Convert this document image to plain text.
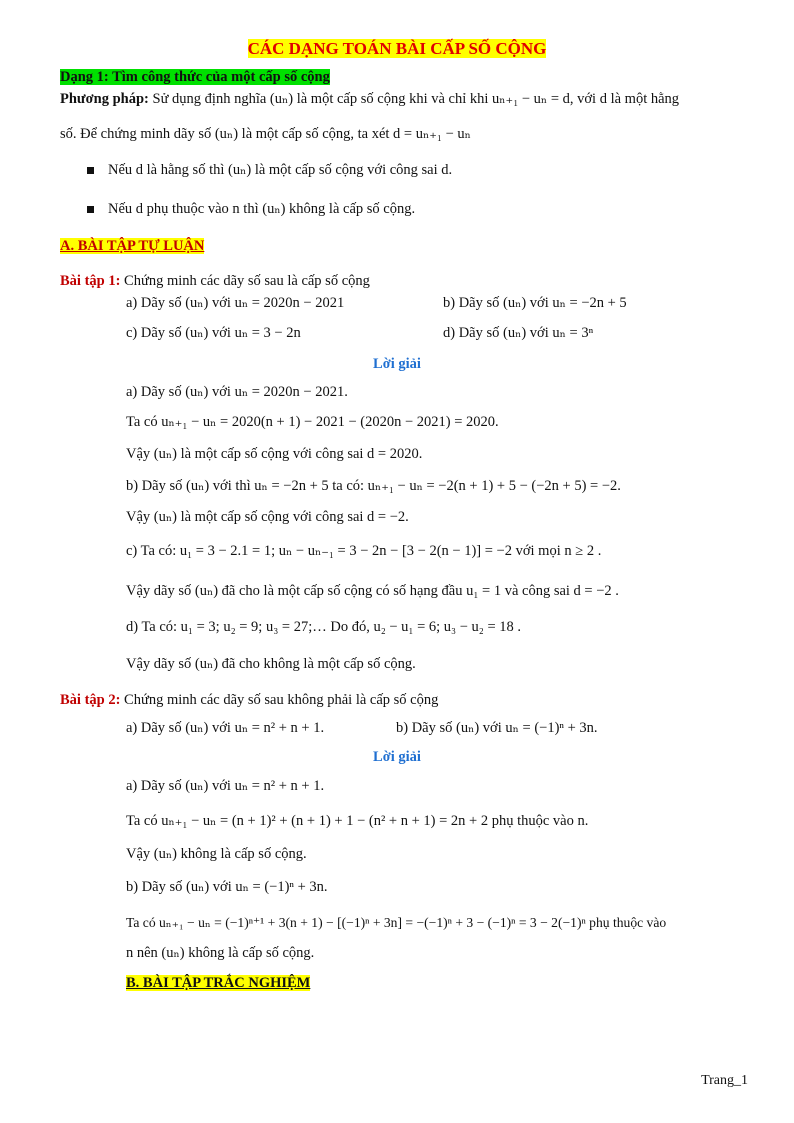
CÁC DẠNG TOÁN BÀI CẤP SỐ CỘNG
Dạng 1: Tìm công thức của một cấp số cộng
Phương pháp: Sử dụng định nghĩa (uₙ) là một cấp số cộng khi và chỉ khi uₙ₊₁ − uₙ = d, với d là một hằng
số. Để chứng minh dãy số (uₙ) là một cấp số cộng, ta xét d = uₙ₊₁ − uₙ
Nếu d là hằng số thì (uₙ) là một cấp số cộng với công sai d.
Nếu d phụ thuộc vào n thì (uₙ) không là cấp số cộng.
A. BÀI TẬP TỰ LUẬN
Bài tập 1: Chứng minh các dãy số sau là cấp số cộng
a) Dãy số (uₙ) với uₙ = 2020n − 2021	b) Dãy số (uₙ) với uₙ = −2n + 5
c) Dãy số (uₙ) với uₙ = 3 − 2n	d) Dãy số (uₙ) với uₙ = 3ⁿ
Lời giải
a) Dãy số (uₙ) với uₙ = 2020n − 2021.
Ta có uₙ₊₁ − uₙ = 2020(n + 1) − 2021 − (2020n − 2021) = 2020.
Vậy (uₙ) là một cấp số cộng với công sai d = 2020.
b) Dãy số (uₙ) với thì uₙ = −2n + 5 ta có: uₙ₊₁ − uₙ = −2(n + 1) + 5 − (−2n + 5) = −2.
Vậy (uₙ) là một cấp số cộng với công sai d = −2.
c) Ta có: u₁ = 3 − 2.1 = 1; uₙ − uₙ₋₁ = 3 − 2n − [3 − 2(n − 1)] = −2 với mọi n ≥ 2 .
Vậy dãy số (uₙ) đã cho là một cấp số cộng có số hạng đầu u₁ = 1 và công sai d = −2 .
d) Ta có: u₁ = 3; u₂ = 9; u₃ = 27;… Do đó, u₂ − u₁ = 6; u₃ − u₂ = 18 .
Vậy dãy số (uₙ) đã cho không là một cấp số cộng.
Bài tập 2: Chứng minh các dãy số sau không phải là cấp số cộng
a) Dãy số (uₙ) với uₙ = n² + n + 1.	b) Dãy số (uₙ) với uₙ = (−1)ⁿ + 3n.
Lời giải
a) Dãy số (uₙ) với uₙ = n² + n + 1.
Ta có uₙ₊₁ − uₙ = (n + 1)² + (n + 1) + 1 − (n² + n + 1) = 2n + 2 phụ thuộc vào n.
Vậy (uₙ) không là cấp số cộng.
b) Dãy số (uₙ) với uₙ = (−1)ⁿ + 3n.
Ta có uₙ₊₁ − uₙ = (−1)ⁿ⁺¹ + 3(n + 1) − [(−1)ⁿ + 3n] = −(−1)ⁿ + 3 − (−1)ⁿ = 3 − 2(−1)ⁿ phụ thuộc vào
n nên (uₙ) không là cấp số cộng.
B. BÀI TẬP TRẮC NGHIỆM
Trang_1
